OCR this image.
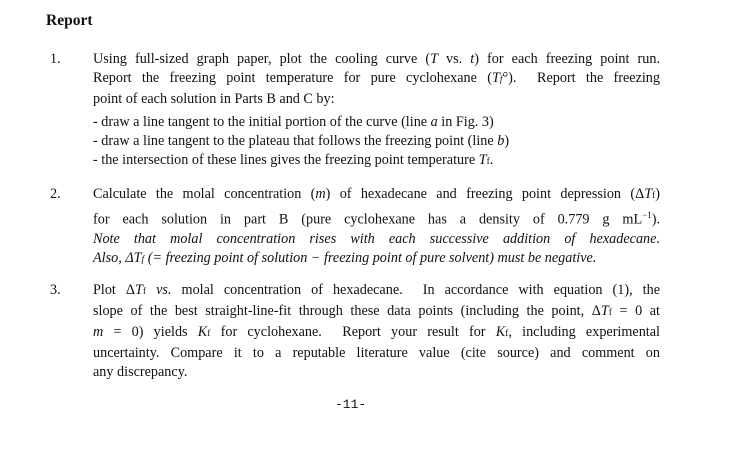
Report
1. Using full-sized graph paper, plot the cooling curve (T vs. t) for each freezing point run.
Report the freezing point temperature for pure cyclohexane (Tf°).  Report the freezing
point of each solution in Parts B and C by:
- draw a line tangent to the initial portion of the curve (line a in Fig. 3)
- draw a line tangent to the plateau that follows the freezing point (line b)
- the intersection of these lines gives the freezing point temperature Tf.
2. Calculate the molal concentration (m) of hexadecane and freezing point depression (ΔTf)
for each solution in part B (pure cyclohexane has a density of 0.779 g $mL^{-1}$).
Note that molal concentration rises with each successive addition of hexadecane.
Also, ΔTf (= freezing point of solution − freezing point of pure solvent) must be negative.
3. Plot ΔTf vs. molal concentration of hexadecane.  In accordance with equation (1), the
slope of the best straight-line-fit through these data points (including the point, ΔTf = 0 at
m = 0) yields Kf for cyclohexane.  Report your result for Kf, including experimental
uncertainty. Compare it to a reputable literature value (cite source) and comment on
any discrepancy.
-11-
